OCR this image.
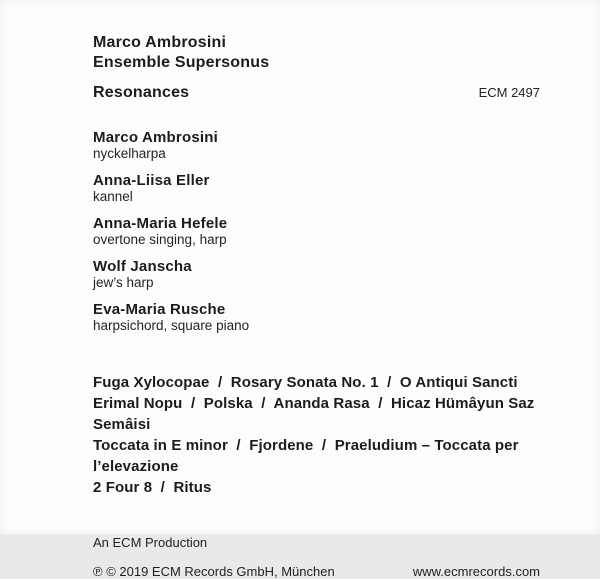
Marco Ambrosini
Ensemble Supersonus
Resonances	ECM 2497
Marco Ambrosini
nyckelharpa
Anna-Liisa Eller
kannel
Anna-Maria Hefele
overtone singing, harp
Wolf Janscha
jew’s harp
Eva-Maria Rusche
harpsichord, square piano
Fuga Xylocopae  /  Rosary Sonata No. 1  /  O Antiqui Sancti
Erimal Nopu  /  Polska  /  Ananda Rasa  /  Hicaz Hümâyun Saz Semâisi
Toccata in E minor  /  Fjordene  /  Praeludium – Toccata per l’elevazione
2 Four 8  /  Ritus
An ECM Production
℗ © 2019 ECM Records GmbH, München	www.ecmrecords.com
